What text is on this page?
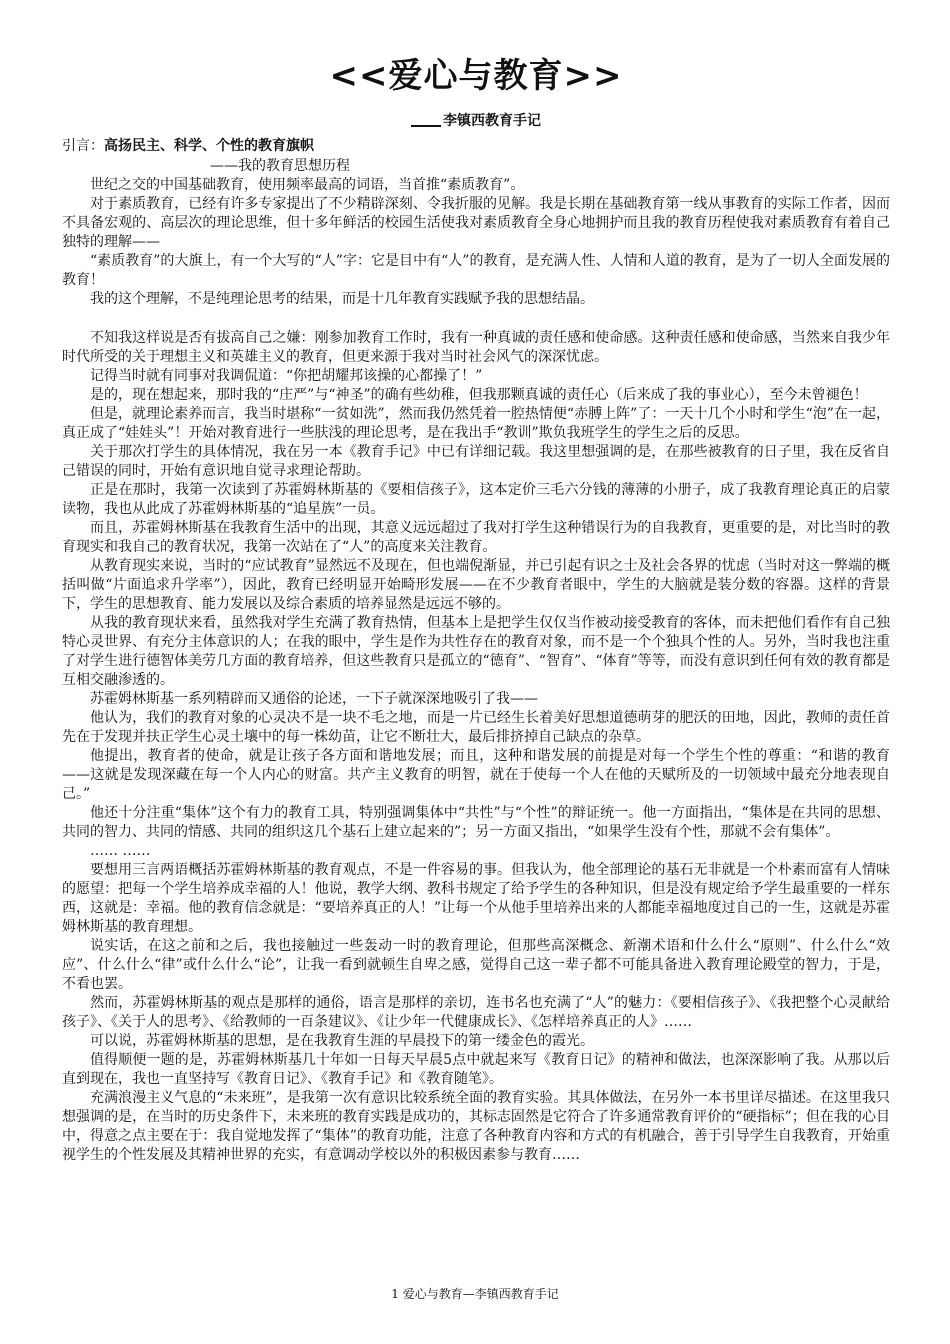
<<爱心与教育>>
李镇西教育手记
引言：高扬民主、科学、个性的教育旗帜
——我的教育思想历程

世纪之交的中国基础教育，使用频率最高的词语，当首推“素质教育”。

对于素质教育，已经有许多专家提出了不少精辟深刻、令我折服的见解。我是长期在基础教育第一线从事教育的实际工作者，因而不具备宏观的、高层次的理论思维，但十多年鲜活的校园生活使我对素质教育全身心地拥护而且我的教育历程使我对素质教育有着自己独特的理解——

“素质教育”的大旗上，有一个大写的“人”字：它是目中有“人”的教育，是充满人性、人情和人道的教育，是为了一切人全面发展的教育！

我的这个理解，不是纯理论思考的结果，而是十几年教育实践赋予我的思想结晶。

不知我这样说是否有拔高自己之嫌：刚参加教育工作时，我有一种真诚的责任感和使命感。这种责任感和使命感，当然来自我少年时代所受的关于理想主义和英雄主义的教育，但更来源于我对当时社会风气的深深忧虑。

记得当时就有同事对我调侃道：“你把胡耀邦该操的心都操了！”

是的，现在想起来，那时我的“庄严”与“神圣”的确有些幼稚，但我那颗真诚的责任心（后来成了我的事业心），至今未曾褪色！

但是，就理论素养而言，我当时堪称“一贫如洗”，然而我仍然凭着一腔热情便“赤膊上阵”了：一天十几个小时和学生“泡”在一起，真正成了“娃娃头”！开始对教育进行一些肤浅的理论思考，是在我出手“教训”欺负我班学生的学生之后的反思。

关于那次打学生的具体情况，我在另一本《教育手记》中已有详细记载。我这里想强调的是，在那些被教育的日子里，我在反省自己错误的同时，开始有意识地自觉寻求理论帮助。

正是在那时，我第一次读到了苏霍姆林斯基的《要相信孩子》，这本定价三毛六分钱的薄薄的小册子，成了我教育理论真正的启蒙读物，我也从此成了苏霍姆林斯基的“追星族”一员。

而且，苏霍姆林斯基在我教育生活中的出现，其意义远远超过了我对打学生这种错误行为的自我教育，更重要的是，对比当时的教育现实和我自己的教育状况，我第一次站在了“人”的高度来关注教育。

从教育现实来说，当时的“应试教育”显然远不及现在，但也端倪渐显，并已引起有识之士及社会各界的忧虑（当时对这一弊端的概括叫做“片面追求升学率”），因此，教育已经明显开始畸形发展——在不少教育者眼中，学生的大脑就是装分数的容器。这样的背景下，学生的思想教育、能力发展以及综合素质的培养显然是远远不够的。

从我的教育现状来看，虽然我对学生充满了教育热情，但基本上是把学生仅仅当作被动接受教育的客体，而未把他们看作有自己独特心灵世界、有充分主体意识的人；在我的眼中，学生是作为共性存在的教育对象，而不是一个个独具个性的人。另外，当时我也注重了对学生进行德智体美劳几方面的教育培养，但这些教育只是孤立的“德育”、“智育”、“体育”等等，而没有意识到任何有效的教育都是互相交融渗透的。

苏霍姆林斯基一系列精辟而又通俗的论述，一下子就深深地吸引了我——

他认为，我们的教育对象的心灵决不是一块不毛之地，而是一片已经生长着美好思想道德萌芽的肥沃的田地，因此，教师的责任首先在于发现并扶正学生心灵土壤中的每一株幼苗，让它不断壮大，最后排挤掉自己缺点的杂草。

他提出，教育者的使命，就是让孩子各方面和谐地发展；而且，这种和谐发展的前提是对每一个学生个性的尊重：“和谐的教育——这就是发现深藏在每一个人内心的财富。共产主义教育的明智，就在于使每一个人在他的天赋所及的一切领域中最充分地表现自己。”

他还十分注重“集体”这个有力的教育工具，特别强调集体中“共性”与“个性”的辩证统一。他一方面指出，“集体是在共同的思想、共同的智力、共同的情感、共同的组织这几个基石上建立起来的”；另一方面又指出，“如果学生没有个性，那就不会有集体”。

…… ……

要想用三言两语概括苏霍姆林斯基的教育观点，不是一件容易的事。但我认为，他全部理论的基石无非就是一个朴素而富有人情味的愿望：把每一个学生培养成幸福的人！他说，教学大纲、教科书规定了给予学生的各种知识，但是没有规定给予学生最重要的一样东西，这就是：幸福。他的教育信念就是：“要培养真正的人！”让每一个从他手里培养出来的人都能幸福地度过自己的一生，这就是苏霍姆林斯基的教育理想。

说实话，在这之前和之后，我也接触过一些轰动一时的教育理论，但那些高深概念、新潮术语和什么什么“原则”、什么什么“效应”、什么什么“律”或什么什么“论”，让我一看到就顿生自卑之感，觉得自己这一辈子都不可能具备进入教育理论殿堂的智力，于是，不看也罢。

然而，苏霍姆林斯基的观点是那样的通俗，语言是那样的亲切，连书名也充满了“人”的魅力：《要相信孩子》、《我把整个心灵献给孩子》、《关于人的思考》、《给教师的一百条建议》、《让少年一代健康成长》、《怎样培养真正的人》……

可以说，苏霍姆林斯基的思想，是在我教育生涯的早晨投下的第一缕金色的霞光。

值得顺便一题的是，苏霍姆林斯基几十年如一日每天早晨5点中就起来写《教育日记》的精神和做法，也深深影响了我。从那以后直到现在，我也一直坚持写《教育日记》、《教育手记》和《教育随笔》。

充满浪漫主义气息的“未来班”，是我第一次有意识比较系统全面的教育实验。其具体做法，在另外一本书里详尽描述。在这里我只想强调的是，在当时的历史条件下，未来班的教育实践是成功的，其标志固然是它符合了许多通常教育评价的“硬指标”；但在我的心目中，得意之点主要在于：我自觉地发挥了“集体”的教育功能，注意了各种教育内容和方式的有机融合，善于引导学生自我教育，开始重视学生的个性发展及其精神世界的充实，有意调动学校以外的积极因素参与教育……

1 爱心与教育—李镇西教育手记
